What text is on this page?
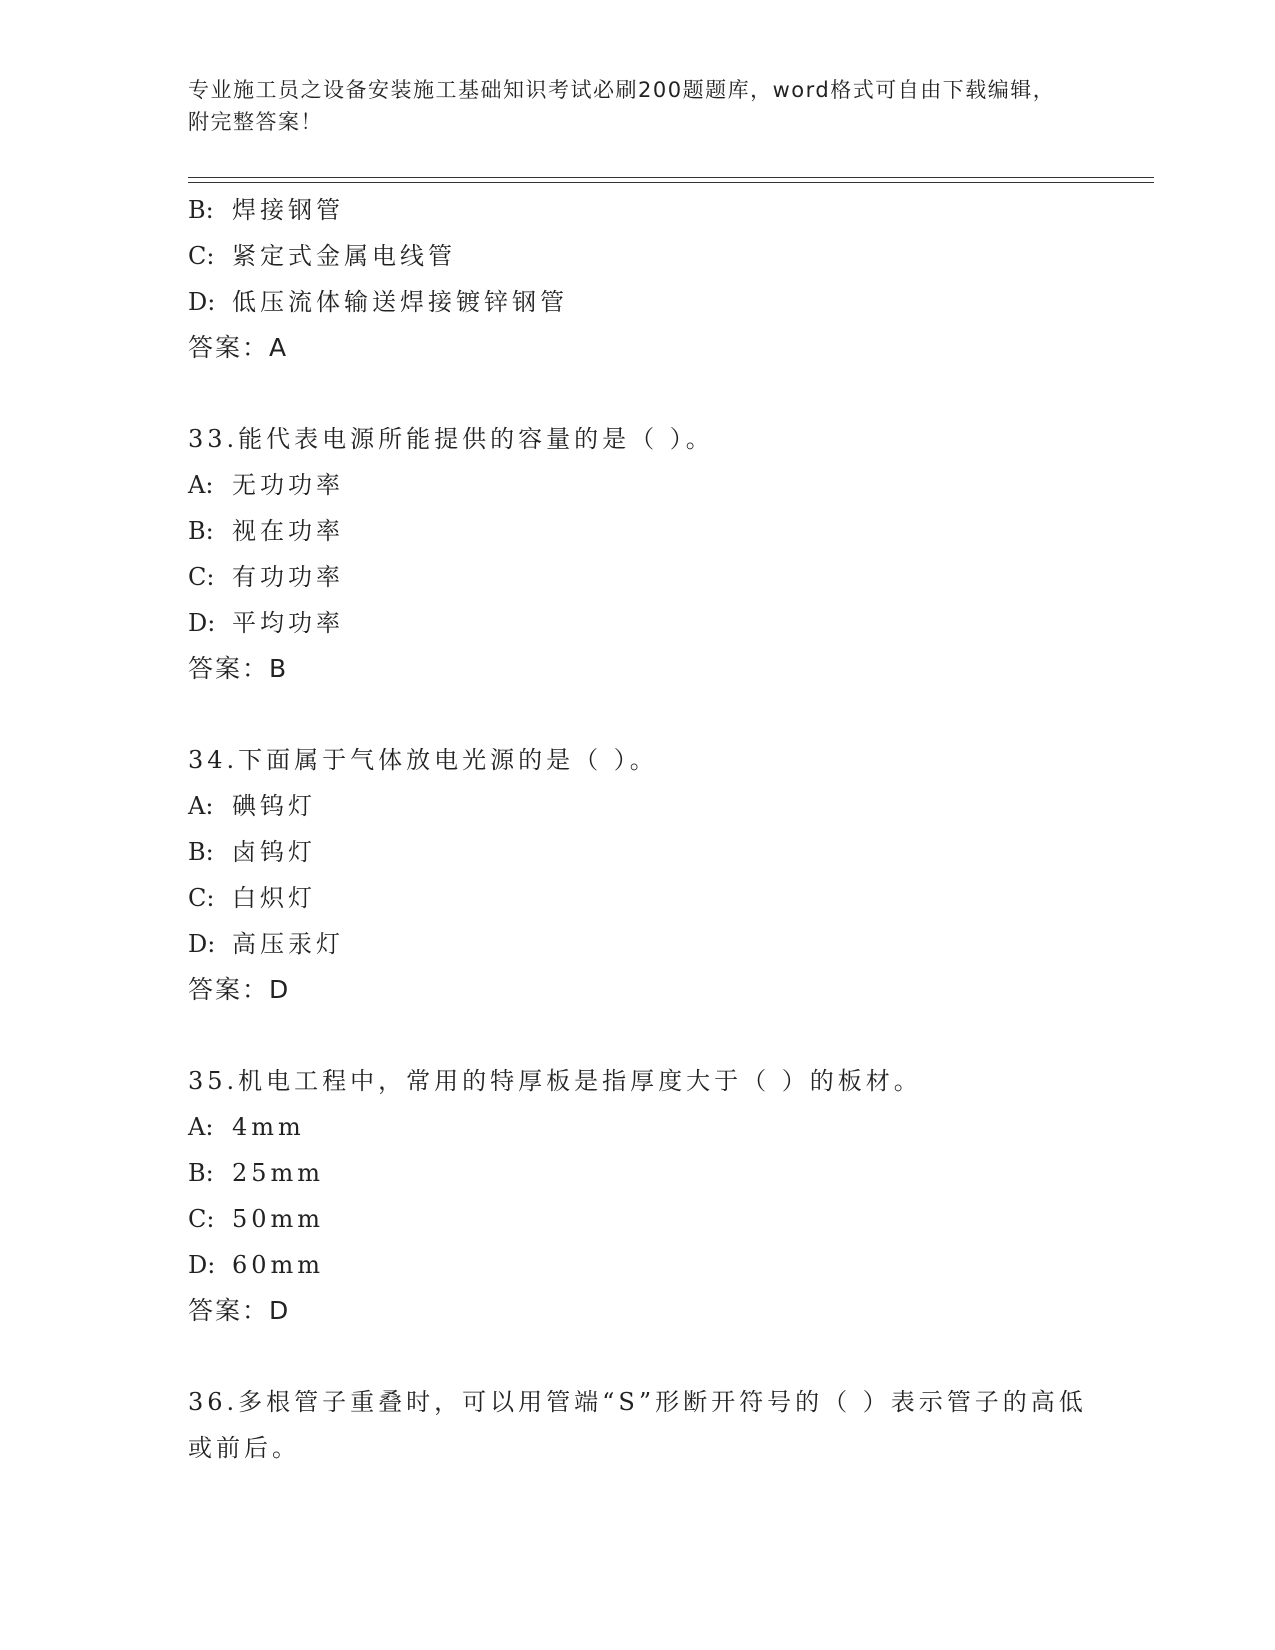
专业施工员之设备安装施工基础知识考试必刷200题题库，word格式可自由下载编辑，附完整答案！
B: 焊接钢管
C: 紧定式金属电线管
D: 低压流体输送焊接镀锌钢管
答案：A
33.能代表电源所能提供的容量的是（ ）。
A: 无功功率
B: 视在功率
C: 有功功率
D: 平均功率
答案：B
34.下面属于气体放电光源的是（ ）。
A: 碘钨灯
B: 卤钨灯
C: 白炽灯
D: 高压汞灯
答案：D
35.机电工程中，常用的特厚板是指厚度大于（ ）的板材。
A: 4mm
B: 25mm
C: 50mm
D: 60mm
答案：D
36.多根管子重叠时，可以用管端“S”形断开符号的（ ）表示管子的高低或前后。
